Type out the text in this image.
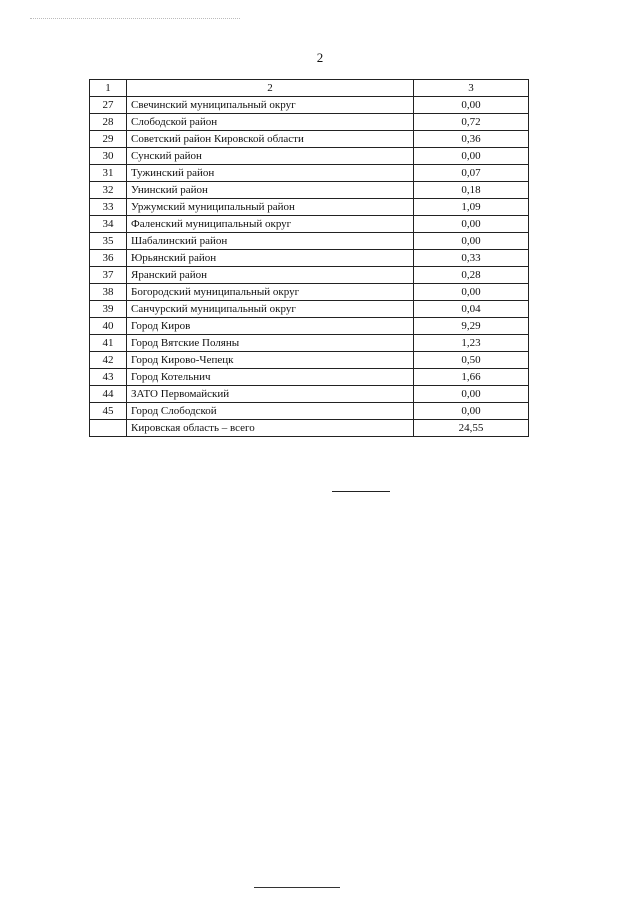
2
1	2	3
27	Свечинский муниципальный округ	0,00
28	Слободской район	0,72
29	Советский район Кировской области	0,36
30	Сунский район	0,00
31	Тужинский район	0,07
32	Унинский район	0,18
33	Уржумский муниципальный район	1,09
34	Фаленский муниципальный округ	0,00
35	Шабалинский район	0,00
36	Юрьянский район	0,33
37	Яранский район	0,28
38	Богородский муниципальный округ	0,00
39	Санчурский муниципальный округ	0,04
40	Город Киров	9,29
41	Город Вятские Поляны	1,23
42	Город Кирово-Чепецк	0,50
43	Город Котельнич	1,66
44	ЗАТО Первомайский	0,00
45	Город Слободской	0,00
	Кировская область – всего	24,55
